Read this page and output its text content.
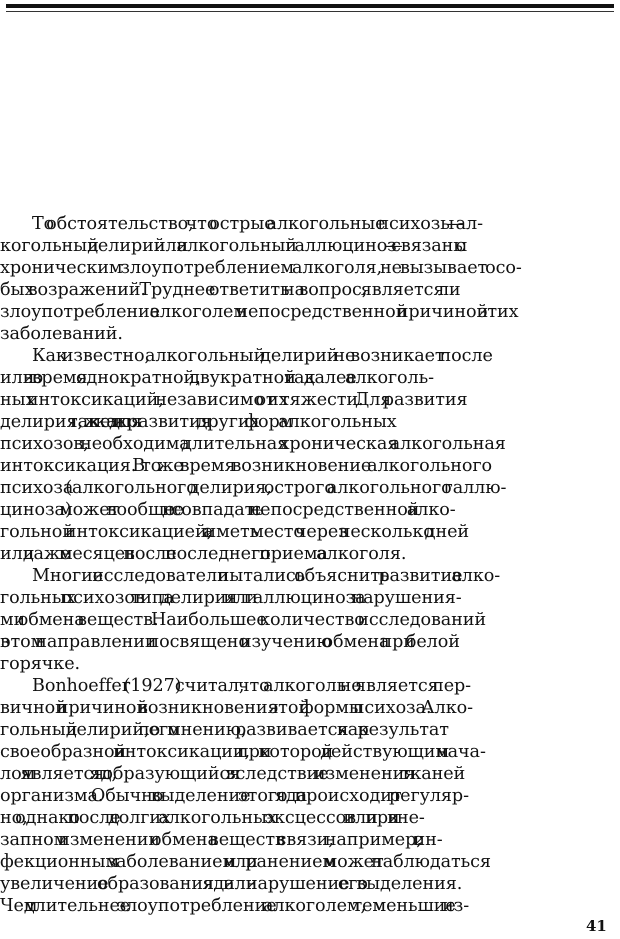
То обстоятельство, что острые алкогольные психозы — ал-
когольный делирий или алкогольный галлюциноз — связаны с
хроническим злоупотреблением алкоголя, не вызывает осо-
бых возражений. Труднее ответить на вопрос, является ли
злоупотребление алкоголем непосредственной причиной этих
заболеваний.
Как известно, алкогольный делирий не возникает после
или во время однократной, двукратной и так далее алкоголь-
ных интоксикаций, независимо от их тяжести. Для развития
делирия, так же как и для развития других форм алкогольных
психозов, необходима длительная хроническая алкогольная
интоксикация. В то же время возникновение алкогольного
психоза (алкогольного делирия, острого алкогольного галлю-
циноза) может вообще не совпадать с непосредственной алко-
гольной интоксикацией, а иметь место через несколько дней
или даже месяцев после последнего приема алкоголя.
Многие исследователи пытались объяснить развитие алко-
гольных психозов типа делирия или галлюциноза нарушения-
ми обмена веществ. Наибольшее количество исследований
в этом направлении посвящено изучению обмена при белой
горячке.
Bonhoeffer (1927) считал, что алкоголь не является пер-
вичной причиной возникновения этой формы психоза. Алко-
гольный делирий, по его мнению, развивается как результат
своеобразной интоксикации, при которой действующим нача-
лом является яд, образующийся вследствие изменения тканей
организма. Обычно выделение этого яда происходит регуляр-
но, однако после долгих алкогольных эксцессов или при вне-
запном изменении обмена веществ в связи, например, с ин-
фекционным заболеванием или ранением может наблюдаться
увеличение образования яда или нарушение его выделения.
Чем длительнее злоупотребление алкоголем, тем меньшие из-
41
